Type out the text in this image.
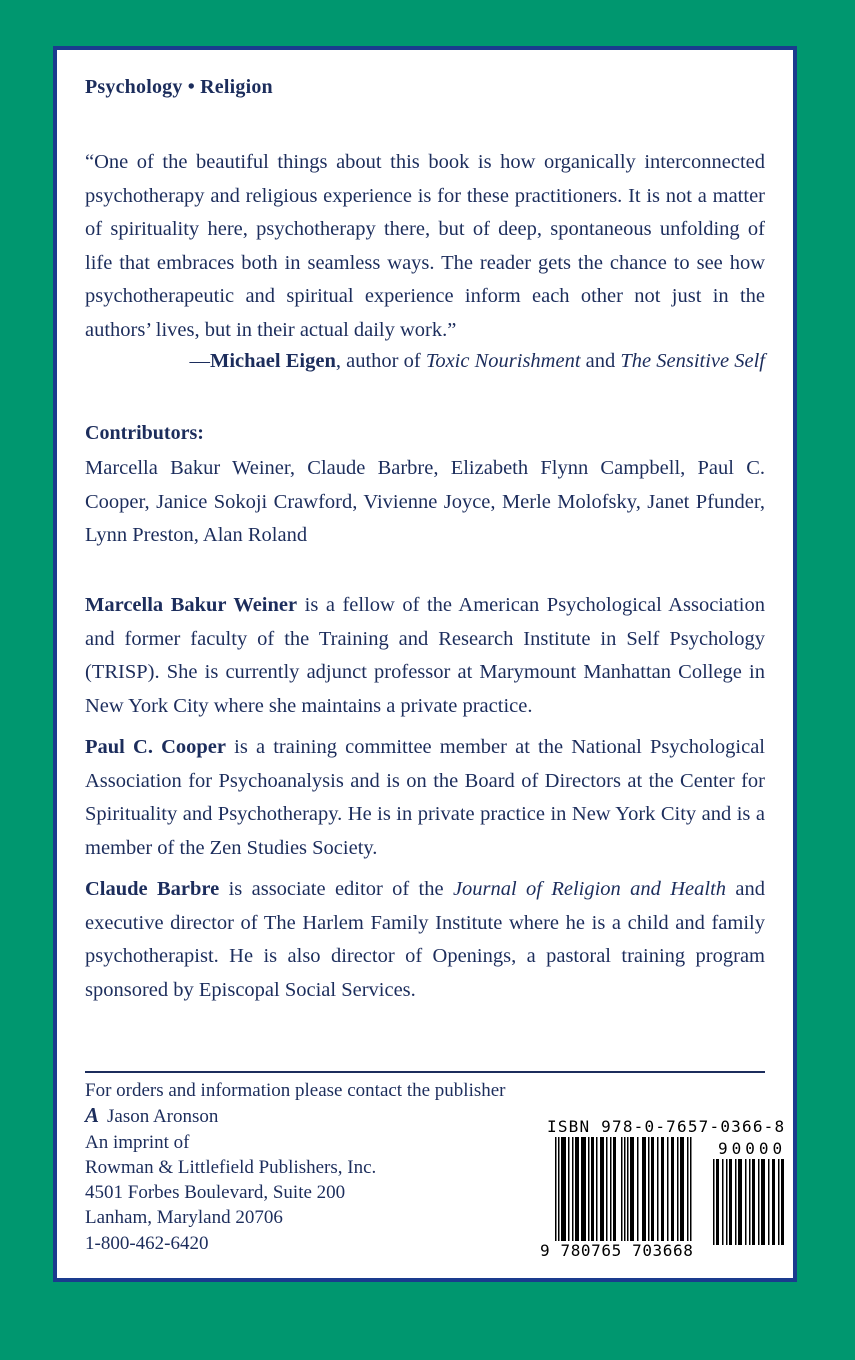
Psychology • Religion
“One of the beautiful things about this book is how organically interconnected psychotherapy and religious experience is for these practitioners. It is not a matter of spirituality here, psychotherapy there, but of deep, spontaneous unfolding of life that embraces both in seamless ways. The reader gets the chance to see how psychotherapeutic and spiritual experience inform each other not just in the authors’ lives, but in their actual daily work.”
—Michael Eigen, author of Toxic Nourishment and The Sensitive Self
Contributors:
Marcella Bakur Weiner, Claude Barbre, Elizabeth Flynn Campbell, Paul C. Cooper, Janice Sokoji Crawford, Vivienne Joyce, Merle Molofsky, Janet Pfunder, Lynn Preston, Alan Roland
Marcella Bakur Weiner is a fellow of the American Psychological Association and former faculty of the Training and Research Institute in Self Psychology (TRISP). She is currently adjunct professor at Marymount Manhattan College in New York City where she maintains a private practice.
Paul C. Cooper is a training committee member at the National Psychological Association for Psychoanalysis and is on the Board of Directors at the Center for Spirituality and Psychotherapy. He is in private practice in New York City and is a member of the Zen Studies Society.
Claude Barbre is associate editor of the Journal of Religion and Health and executive director of The Harlem Family Institute where he is a child and family psychotherapist. He is also director of Openings, a pastoral training program sponsored by Episcopal Social Services.
For orders and information please contact the publisher
A Jason Aronson
An imprint of
Rowman & Littlefield Publishers, Inc.
4501 Forbes Boulevard, Suite 200
Lanham, Maryland 20706
1-800-462-6420
ISBN 978-0-7657-0366-8
90000
9 780765 703668
